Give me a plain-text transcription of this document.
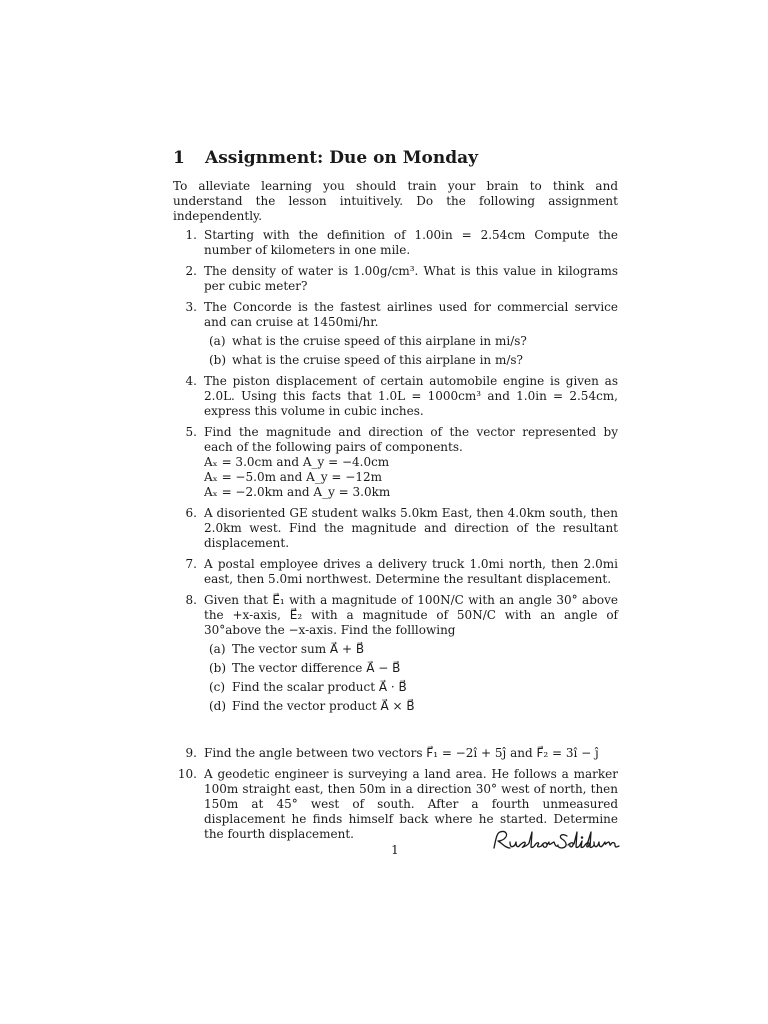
1 Assignment: Due on Monday

To alleviate learning you should train your brain to think and understand the lesson intuitively. Do the following assignment independently.

1. Starting with the definition of 1.00in = 2.54cm Compute the number of kilometers in one mile.
2. The density of water is 1.00g/cm³. What is this value in kilograms per cubic meter?
3. The Concorde is the fastest airlines used for commercial service and can cruise at 1450mi/hr.
(a) what is the cruise speed of this airplane in mi/s?
(b) what is the cruise speed of this airplane in m/s?
4. The piston displacement of certain automobile engine is given as 2.0L. Using this facts that 1.0L = 1000cm³ and 1.0in = 2.54cm, express this volume in cubic inches.
5. Find the magnitude and direction of the vector represented by each of the following pairs of components.
Aₓ = 3.0cm and A_y = −4.0cm
Aₓ = −5.0m and A_y = −12m
Aₓ = −2.0km and A_y = 3.0km
6. A disoriented GE student walks 5.0km East, then 4.0km south, then 2.0km west. Find the magnitude and direction of the resultant displacement.
7. A postal employee drives a delivery truck 1.0mi north, then 2.0mi east, then 5.0mi northwest. Determine the resultant displacement.
8. Given that E⃗₁ with a magnitude of 100N/C with an angle 30° above the +x-axis, E⃗₂ with a magnitude of 50N/C with an angle of 30°above the −x-axis. Find the folllowing
(a) The vector sum A⃗ + B⃗
(b) The vector difference A⃗ − B⃗
(c) Find the scalar product A⃗ · B⃗
(d) Find the vector product A⃗ × B⃗
9. Find the angle between two vectors F⃗₁ = −2î + 5ĵ and F⃗₂ = 3î − ĵ
10. A geodetic engineer is surveying a land area. He follows a marker 100m straight east, then 50m in a direction 30° west of north, then 150m at 45° west of south. After a fourth unmeasured displacement he finds himself back where he started. Determine the fourth displacement.
1
